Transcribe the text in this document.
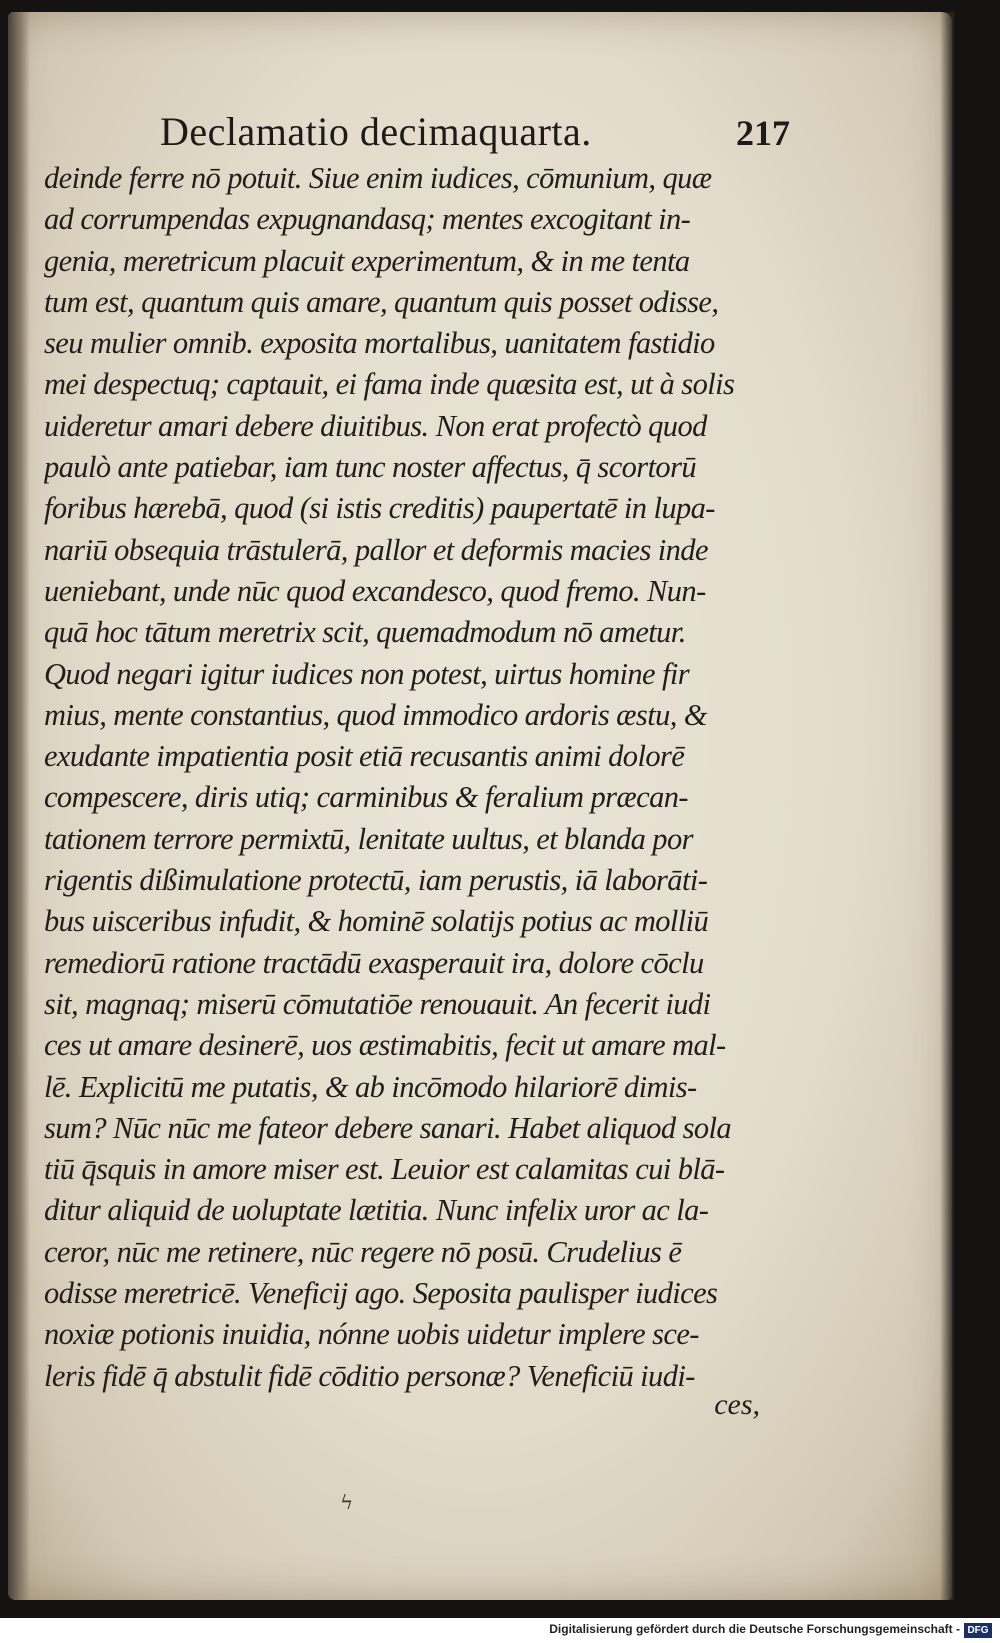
Declamatio decimaquarta.	217
deinde ferre nō potuit. Siue enim iudices, cōmunium, quæ
ad corrumpendas expugnandasq; mentes excogitant in-
genia, meretricum placuit experimentum, & in me tenta
tum est, quantum quis amare, quantum quis posset odisse,
seu mulier omnib. exposita mortalibus, uanitatem fastidio
mei despectuq; captauit, ei fama inde quæsita est, ut à solis
uideretur amari debere diuitibus. Non erat profectò quod
paulò ante patiebar, iam tunc noster affectus, q̄ scortorū
foribus hærebā, quod (si istis creditis) paupertatē in lupa-
nariū obsequia trāstulerā, pallor et deformis macies inde
ueniebant, unde nūc quod excandesco, quod fremo. Nun-
quā hoc tātum meretrix scit, quemadmodum nō ametur.
Quod negari igitur iudices non potest, uirtus homine fir
mius, mente constantius, quod immodico ardoris æstu, &
exudante impatientia posit etiā recusantis animi dolorē
compescere, diris utiq; carminibus & feralium præcan-
tationem terrore permixtū, lenitate uultus, et blanda por
rigentis dißimulatione protectū, iam perustis, iā laborāti-
bus uisceribus infudit, & hominē solatijs potius ac molliū
remediorū ratione tractādū exasperauit ira, dolore cōclu
sit, magnaq; miserū cōmutatiōe renouauit. An fecerit iudi
ces ut amare desinerē, uos æstimabitis, fecit ut amare mal-
lē. Explicitū me putatis, & ab incōmodo hilariorē dimis-
sum? Nūc nūc me fateor debere sanari. Habet aliquod sola
tiū q̄squis in amore miser est. Leuior est calamitas cui blā-
ditur aliquid de uoluptate lætitia. Nunc infelix uror ac la-
ceror, nūc me retinere, nūc regere nō posū. Crudelius ē
odisse meretricē. Veneficij ago. Seposita paulisper iudices
noxiæ potionis inuidia, nónne uobis uidetur implere sce-
leris fidē q̄ abstulit fidē cōditio personæ? Veneficiū iudi-
ces,
ϟ
Digitalisierung gefördert durch die Deutsche Forschungsgemeinschaft - DFG
